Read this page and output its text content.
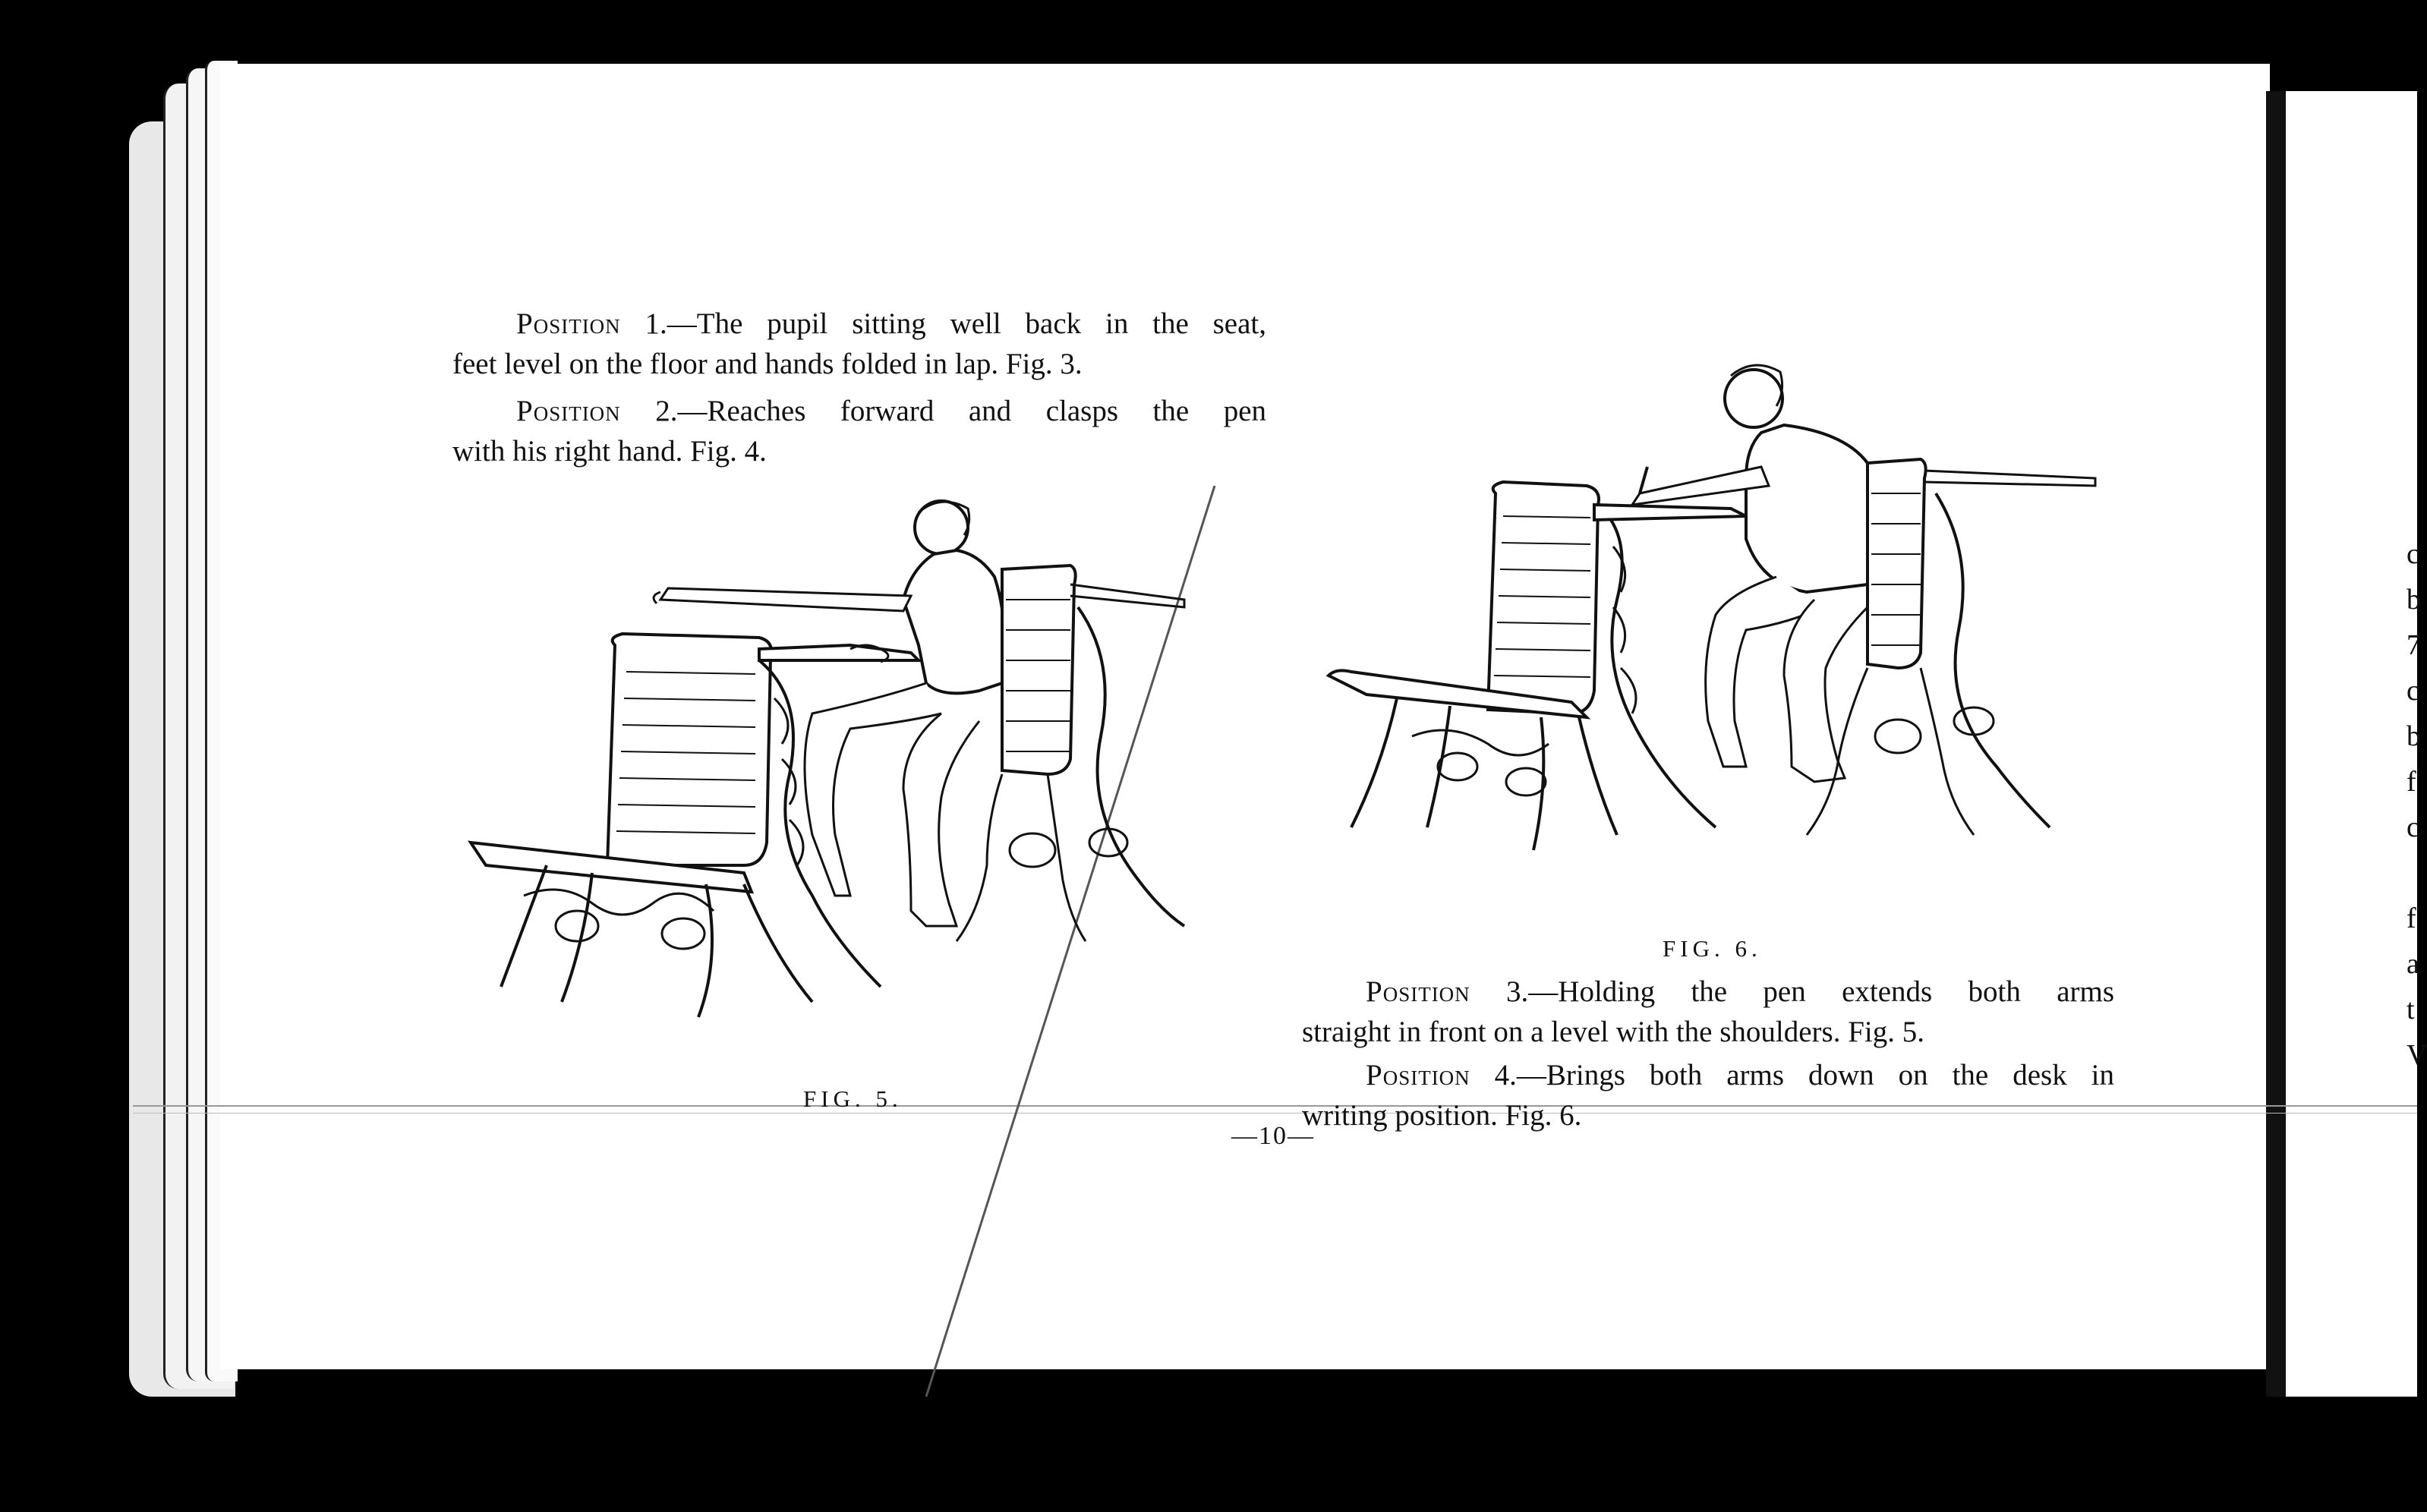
Position 1.—The pupil sitting well back in the seat,
feet level on the floor and hands folded in lap. Fig. 3.
Position 2.—Reaches forward and clasps the pen
with his right hand. Fig. 4.
FIG. 5.
FIG. 6.
Position 3.—Holding the pen extends both arms
straight in front on a level with the shoulders. Fig. 5.
Position 4.—Brings both arms down on the desk in
writing position. Fig. 6.
—10—
c
b
7
c
b
f
c
f
a
t
V
